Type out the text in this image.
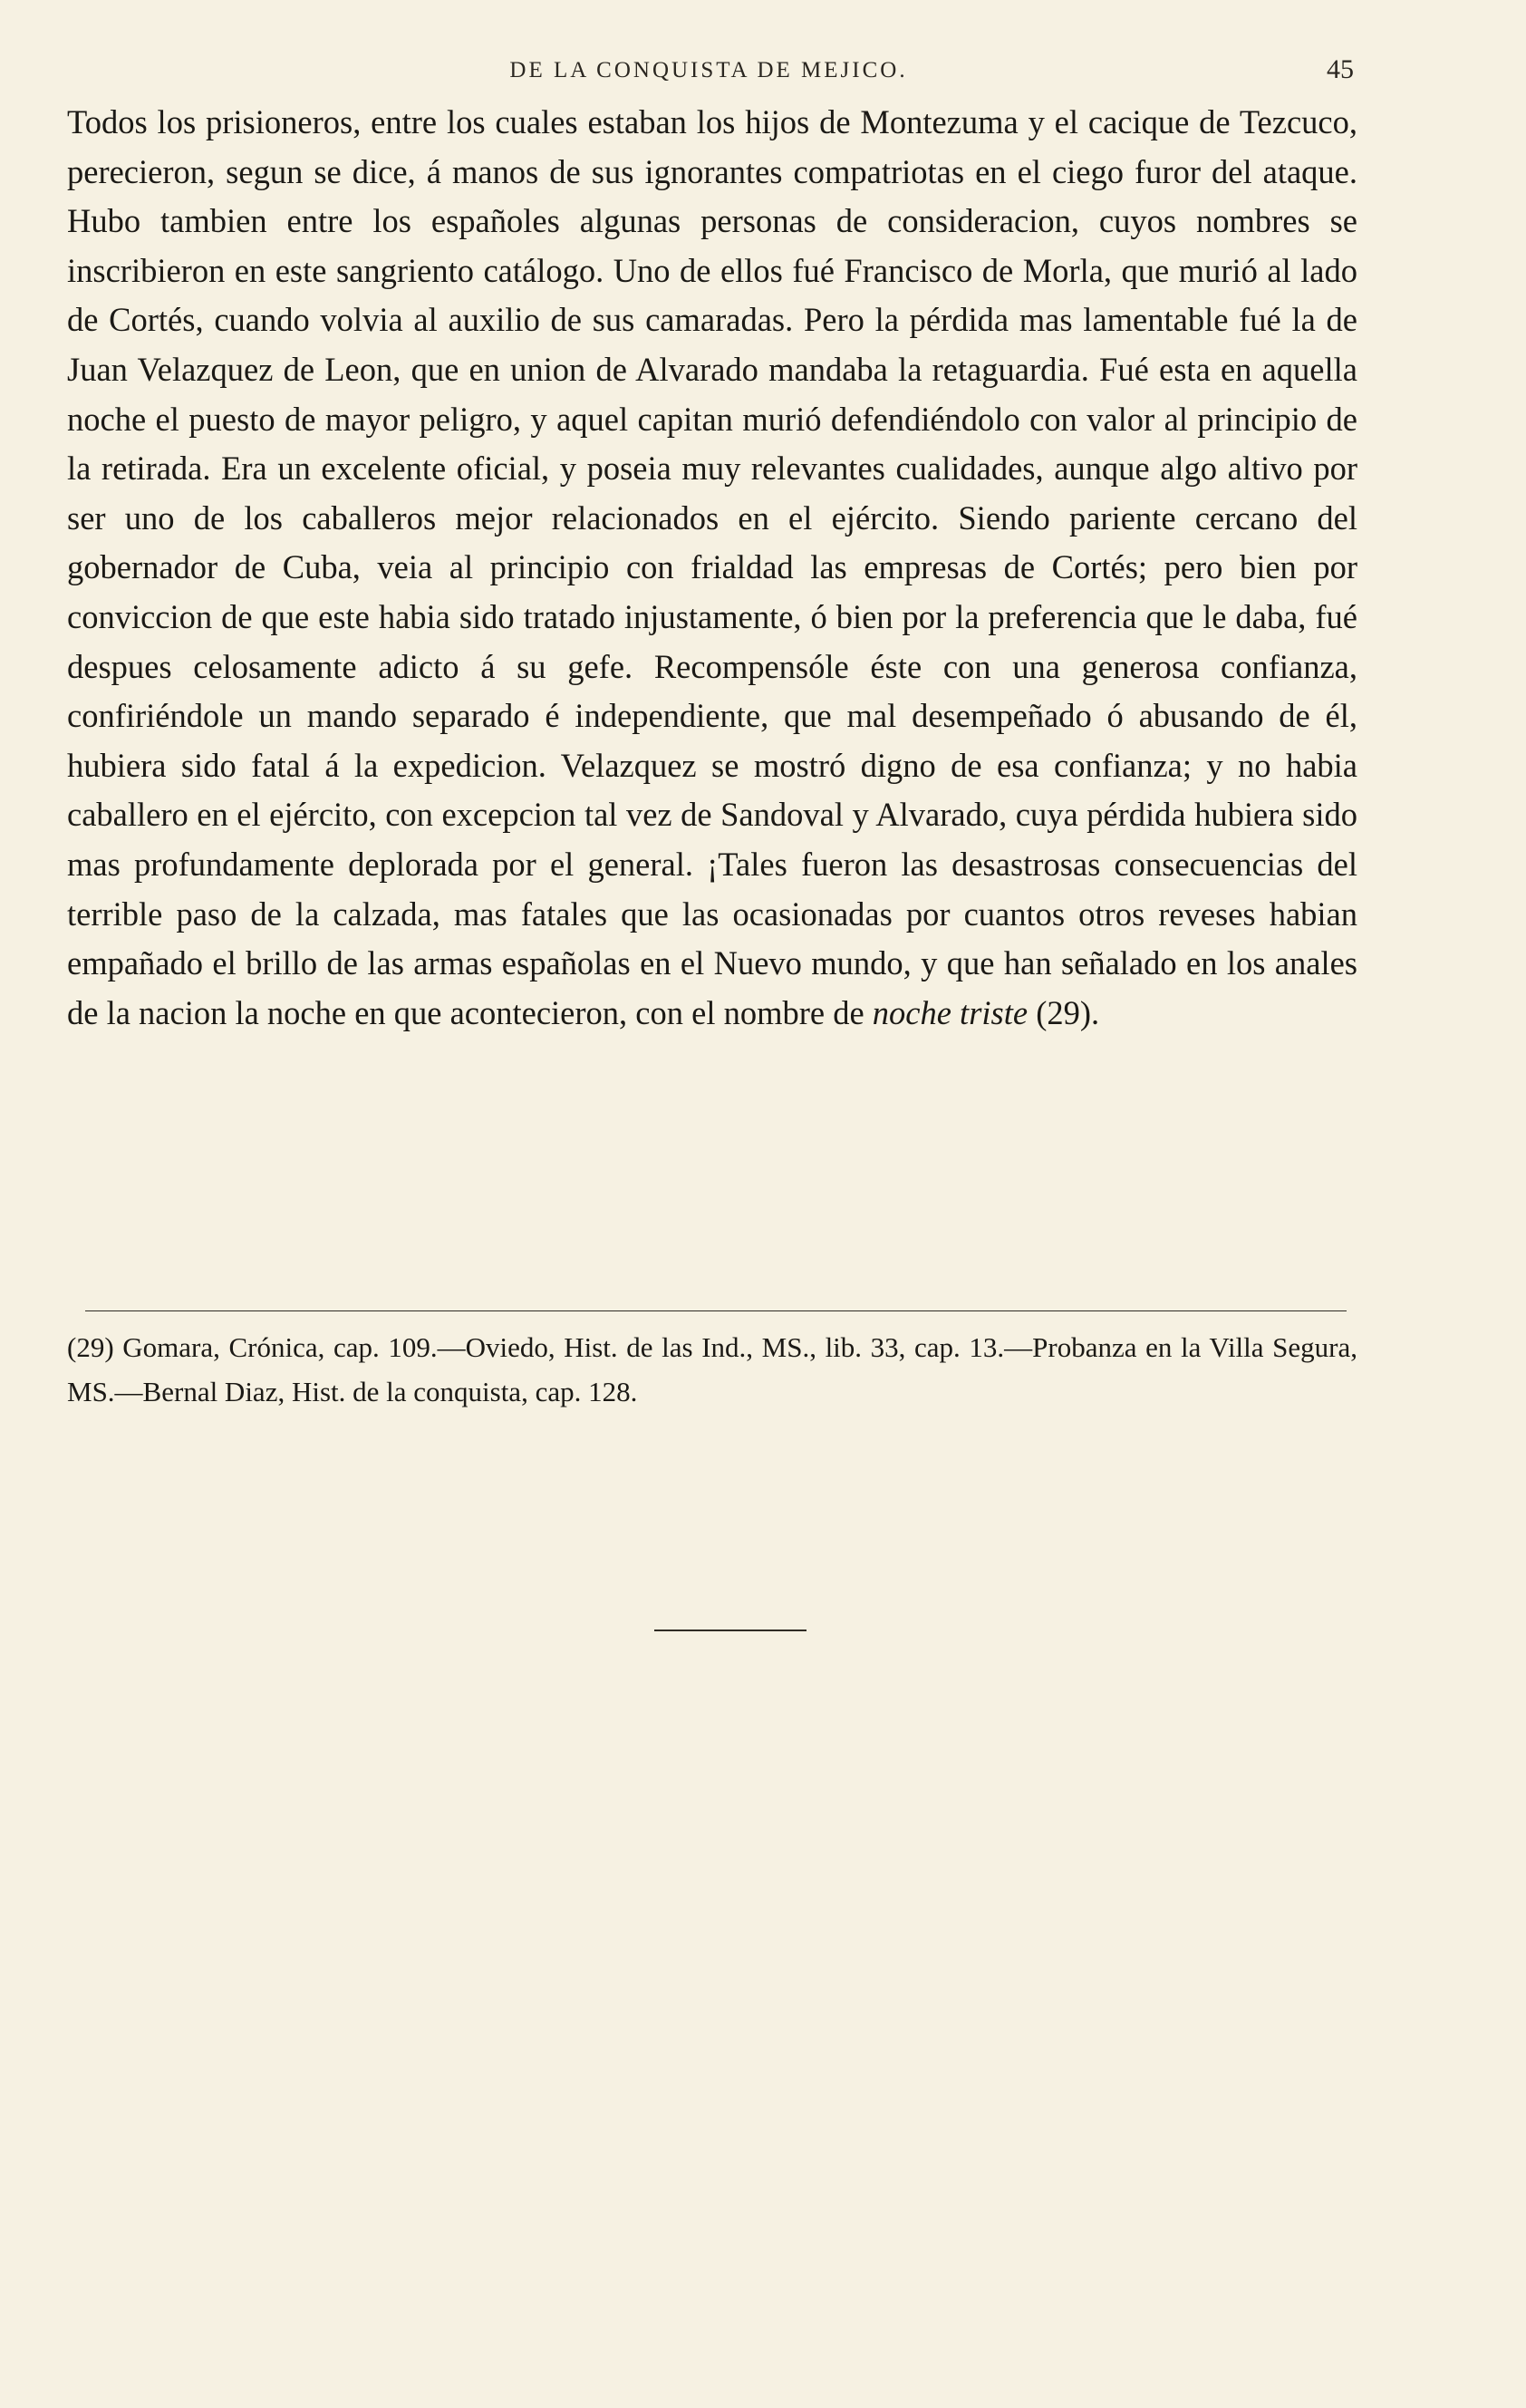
DE LA CONQUISTA DE MEJICO.	45

Todos los prisioneros, entre los cuales estaban los hijos de Montezuma y el cacique de Tezcuco, perecieron, segun se dice, á manos de sus ignorantes compatriotas en el ciego furor del ataque. Hubo tambien entre los españoles algunas personas de consideracion, cuyos nombres se inscribieron en este sangriento catálogo. Uno de ellos fué Francisco de Morla, que murió al lado de Cortés, cuando volvia al auxilio de sus camaradas. Pero la pérdida mas lamentable fué la de Juan Velazquez de Leon, que en union de Alvarado mandaba la retaguardia. Fué esta en aquella noche el puesto de mayor peligro, y aquel capitan murió defendiéndolo con valor al principio de la retirada. Era un excelente oficial, y poseia muy relevantes cualidades, aunque algo altivo por ser uno de los caballeros mejor relacionados en el ejército. Siendo pariente cercano del gobernador de Cuba, veia al principio con frialdad las empresas de Cortés; pero bien por conviccion de que este habia sido tratado injustamente, ó bien por la preferencia que le daba, fué despues celosamente adicto á su gefe. Recompensóle éste con una generosa confianza, confiriéndole un mando separado é independiente, que mal desempeñado ó abusando de él, hubiera sido fatal á la expedicion. Velazquez se mostró digno de esa confianza; y no habia caballero en el ejército, con excepcion tal vez de Sandoval y Alvarado, cuya pérdida hubiera sido mas profundamente deplorada por el general. ¡Tales fueron las desastrosas consecuencias del terrible paso de la calzada, mas fatales que las ocasionadas por cuantos otros reveses habian empañado el brillo de las armas españolas en el Nuevo mundo, y que han señalado en los anales de la nacion la noche en que acontecieron, con el nombre de noche triste (29).

(29) Gomara, Crónica, cap. 109.—Oviedo, Hist. de las Ind., MS., lib. 33, cap. 13.—Probanza en la Villa Segura, MS.—Bernal Diaz, Hist. de la conquista, cap. 128.
